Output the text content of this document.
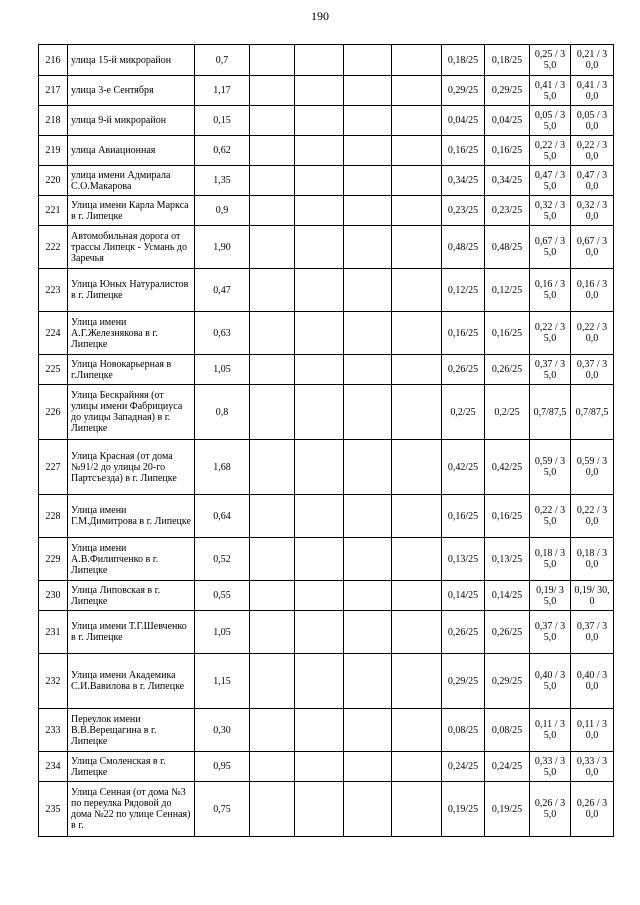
190
216	улица 15-й микрорайон	0,7					0,18/25	0,18/25	0,25 / 35,0	0,21 / 30,0
217	улица 3-е Сентября	1,17					0,29/25	0,29/25	0,41 / 35,0	0,41 / 30,0
218	улица 9-й микрорайон	0,15					0,04/25	0,04/25	0,05 / 35,0	0,05 / 30,0
219	улица Авиационная	0,62					0,16/25	0,16/25	0,22 / 35,0	0,22 / 30,0
220	улица имени Адмирала С.О.Макарова	1,35					0,34/25	0,34/25	0,47 / 35,0	0,47 / 30,0
221	Улица имени Карла Маркса в г. Липецке	0,9					0,23/25	0,23/25	0,32 / 35,0	0,32 / 30,0
222	Автомобильная дорога от трассы Липецк - Усмань до Заречья	1,90					0,48/25	0,48/25	0,67 / 35,0	0,67 / 30,0
223	Улица Юных Натуралистов в г. Липецке	0,47					0,12/25	0,12/25	0,16 / 35,0	0,16 / 30,0
224	Улица имени А.Г.Железнякова в г. Липецке	0,63					0,16/25	0,16/25	0,22 / 35,0	0,22 / 30,0
225	Улица Новокарьерная в г.Липецке	1,05					0,26/25	0,26/25	0,37 / 35,0	0,37 / 30,0
226	Улица Бескрайняя (от улицы имени Фабрициуса до улицы Западная) в г. Липецке	0,8					0,2/25	0,2/25	0,7/87,5	0,7/87,5
227	Улица Красная (от дома №91/2 до улицы 20-го Партсъезда) в г. Липецке	1,68					0,42/25	0,42/25	0,59 / 35,0	0,59 / 30,0
228	Улица имени Г.М.Димитрова в г. Липецке	0,64					0,16/25	0,16/25	0,22 / 35,0	0,22 / 30,0
229	Улица имени А.В.Филипченко в г. Липецке	0,52					0,13/25	0,13/25	0,18 / 35,0	0,18 / 30,0
230	Улица Липовская в г. Липецке	0,55					0,14/25	0,14/25	0,19/ 35,0	0,19/ 30,0
231	Улица имени Т.Г.Шевченко в г. Липецке	1,05					0,26/25	0,26/25	0,37 / 35,0	0,37 / 30,0
232	Улица имени Академика С.И.Вавилова в г. Липецке	1,15					0,29/25	0,29/25	0,40 / 35,0	0,40 / 30,0
233	Переулок имени В.В.Верещагина в г. Липецке	0,30					0,08/25	0,08/25	0,11 / 35,0	0,11 / 30,0
234	Улица Смоленская в г. Липецке	0,95					0,24/25	0,24/25	0,33 / 35,0	0,33 / 30,0
235	Улица Сенная (от дома №3 по переулка Рядовой до дома №22 по улице Сенная) в г.	0,75					0,19/25	0,19/25	0,26 / 35,0	0,26 / 30,0
